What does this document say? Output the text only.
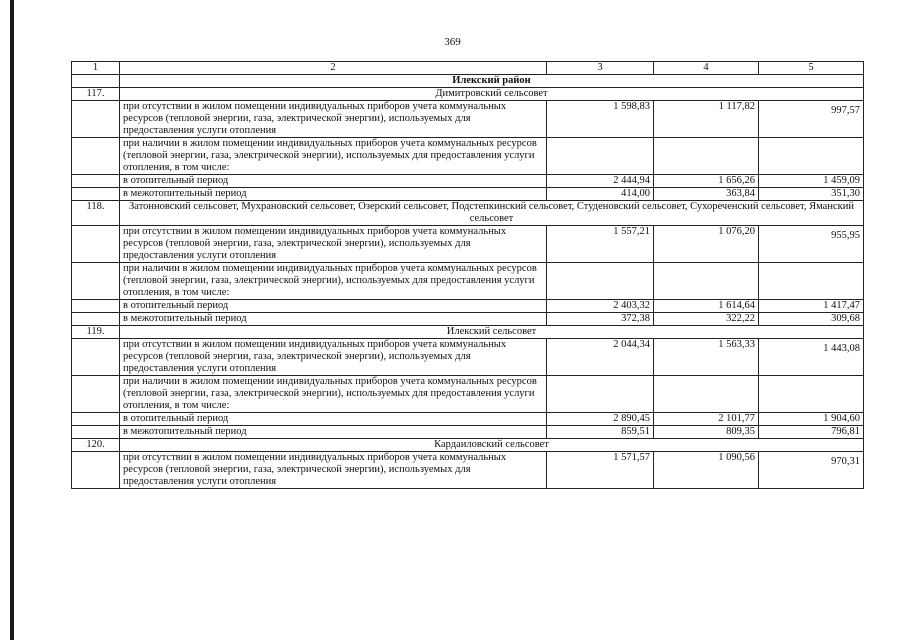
369
1	2	3	4	5
	Илекский район			
117.	Димитровский сельсовет			
	при отсутствии в жилом помещении индивидуальных приборов учета коммунальных ресурсов (тепловой энергии, газа, электрической энергии), используемых для предоставления услуги отопления	1 598,83	1 117,82	997,57
	при наличии в жилом помещении индивидуальных приборов учета коммунальных ресурсов (тепловой энергии, газа, электрической энергии), используемых для предоставления услуги отопления, в том числе:			
	в отопительный период	2 444,94	1 656,26	1 459,09
	в межотопительный период	414,00	363,84	351,30
118.	Затонновский сельсовет, Мухрановский сельсовет, Озерский сельсовет, Подстепкинский сельсовет, Студеновский сельсовет, Сухореченский сельсовет, Яманский сельсовет			
	при отсутствии в жилом помещении индивидуальных приборов учета коммунальных ресурсов (тепловой энергии, газа, электрической энергии), используемых для предоставления услуги отопления	1 557,21	1 076,20	955,95
	при наличии в жилом помещении индивидуальных приборов учета коммунальных ресурсов (тепловой энергии, газа, электрической энергии), используемых для предоставления услуги отопления, в том числе:			
	в отопительный период	2 403,32	1 614,64	1 417,47
	в межотопительный период	372,38	322,22	309,68
119.	Илекский сельсовет			
	при отсутствии в жилом помещении индивидуальных приборов учета коммунальных ресурсов (тепловой энергии, газа, электрической энергии), используемых для предоставления услуги отопления	2 044,34	1 563,33	1 443,08
	при наличии в жилом помещении индивидуальных приборов учета коммунальных ресурсов (тепловой энергии, газа, электрической энергии), используемых для предоставления услуги отопления, в том числе:			
	в отопительный период	2 890,45	2 101,77	1 904,60
	в межотопительный период	859,51	809,35	796,81
120.	Кардаиловский сельсовет			
	при отсутствии в жилом помещении индивидуальных приборов учета коммунальных ресурсов (тепловой энергии, газа, электрической энергии), используемых для предоставления услуги отопления	1 571,57	1 090,56	970,31
